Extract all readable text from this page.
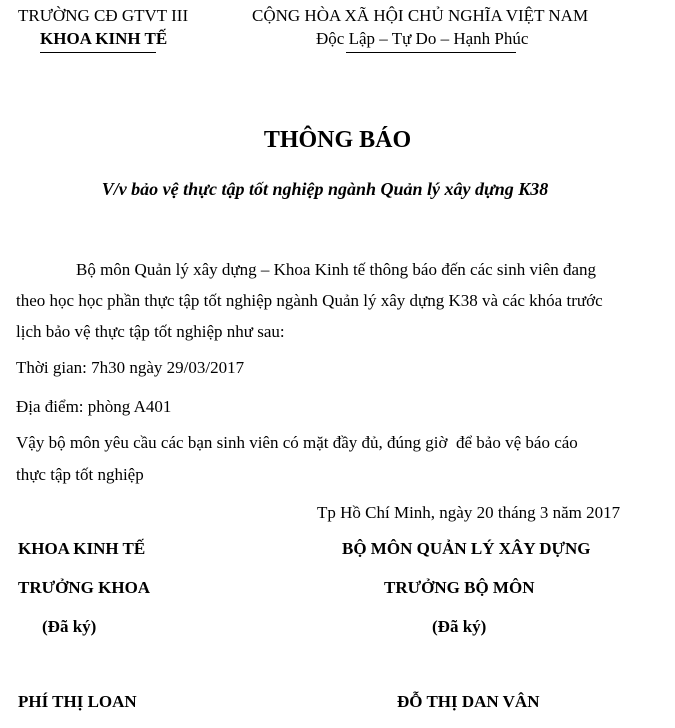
TRƯỜNG CĐ GTVT III
KHOA KINH TẾ
CỘNG HÒA XÃ HỘI CHỦ NGHĨA VIỆT NAM
Độc Lập – Tự Do – Hạnh Phúc
THÔNG BÁO
V/v bảo vệ thực tập tốt nghiệp ngành Quản lý xây dựng K38
Bộ môn Quản lý xây dựng – Khoa Kinh tế thông báo đến các sinh viên đang
theo học học phần thực tập tốt nghiệp ngành Quản lý xây dựng K38 và các khóa trước
lịch bảo vệ thực tập tốt nghiệp như sau:
Thời gian: 7h30 ngày 29/03/2017
Địa điểm: phòng A401
Vậy bộ môn yêu cầu các bạn sinh viên có mặt đầy đủ, đúng giờ  để bảo vệ báo cáo
thực tập tốt nghiệp
Tp Hồ Chí Minh, ngày 20 tháng 3 năm 2017
KHOA KINH TẾ
TRƯỞNG KHOA
(Đã ký)
PHÍ THỊ LOAN
BỘ MÔN QUẢN LÝ XÂY DỰNG
TRƯỞNG BỘ MÔN
(Đã ký)
ĐỖ THỊ DAN VÂN
